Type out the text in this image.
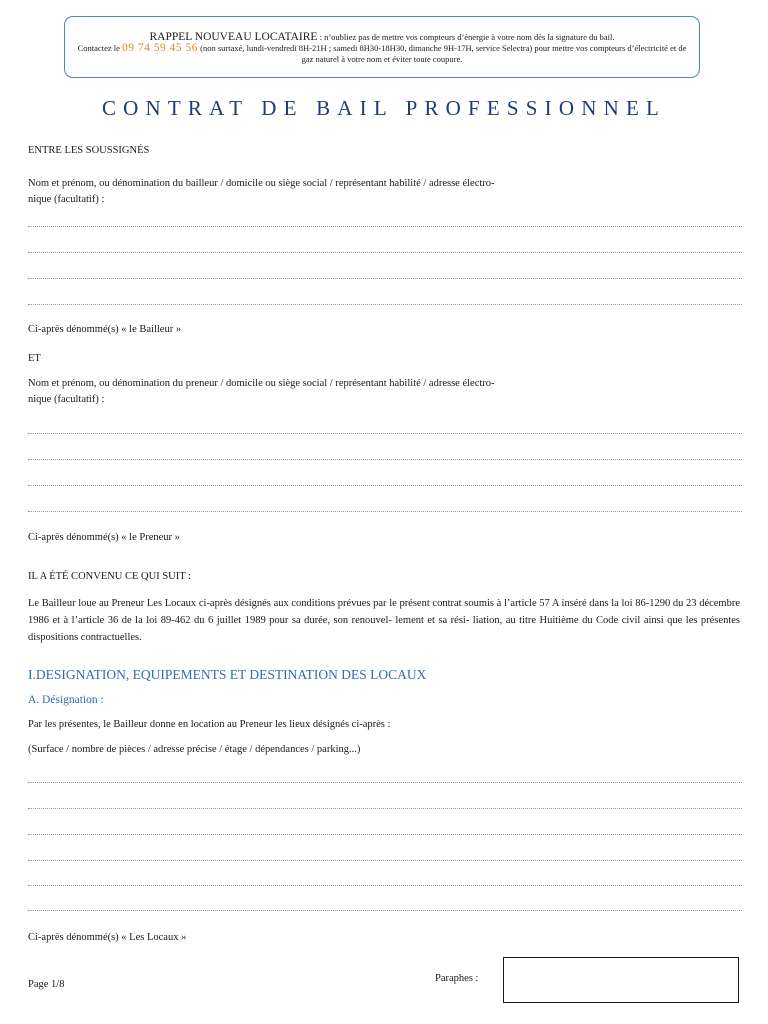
RAPPEL NOUVEAU LOCATAIRE : n’oubliez pas de mettre vos compteurs d’énergie à votre nom dès la signature du bail.
Contactez le 09 74 59 45 56 (non surtaxé, lundi-vendredi 8H-21H ; samedi 8H30-18H30, dimanche 9H-17H, service Selectra) pour mettre vos compteurs d’électricité et de gaz naturel à votre nom et éviter toute coupure.
CONTRAT DE BAIL PROFESSIONNEL
ENTRE LES SOUSSIGNÉS
Nom et prénom, ou dénomination du bailleur / domicile ou siège social / représentant habilité / adresse électro-
nique (facultatif) :
Ci-après dénommé(s) « le Bailleur »
ET
Nom et prénom, ou dénomination du preneur / domicile ou siège social / représentant habilité / adresse électro-
nique (facultatif) :
Ci-après dénommé(s) « le Preneur »
IL A ÉTÉ CONVENU CE QUI SUIT :

Le Bailleur loue au Preneur Les Locaux ci-après désignés aux conditions prévues par le présent contrat soumis à l’article 57 A inséré dans la loi 86-1290 du 23 décembre 1986 et à l’article 36 de la loi 89-462 du 6 juillet 1989 pour sa durée, son renouvel- lement et sa rési- liation, au titre Huitième du Code civil ainsi que les présentes dispositions contractuelles.

I.DESIGNATION, EQUIPEMENTS ET DESTINATION DES LOCAUX
A. Désignation :
Par les présentes, le Bailleur donne en location au Preneur les lieux désignés ci-après :
(Surface / nombre de pièces / adresse précise / étage / dépendances / parking...)
Ci-après dénommé(s) « Les Locaux »
Page 1/8
Paraphes :
